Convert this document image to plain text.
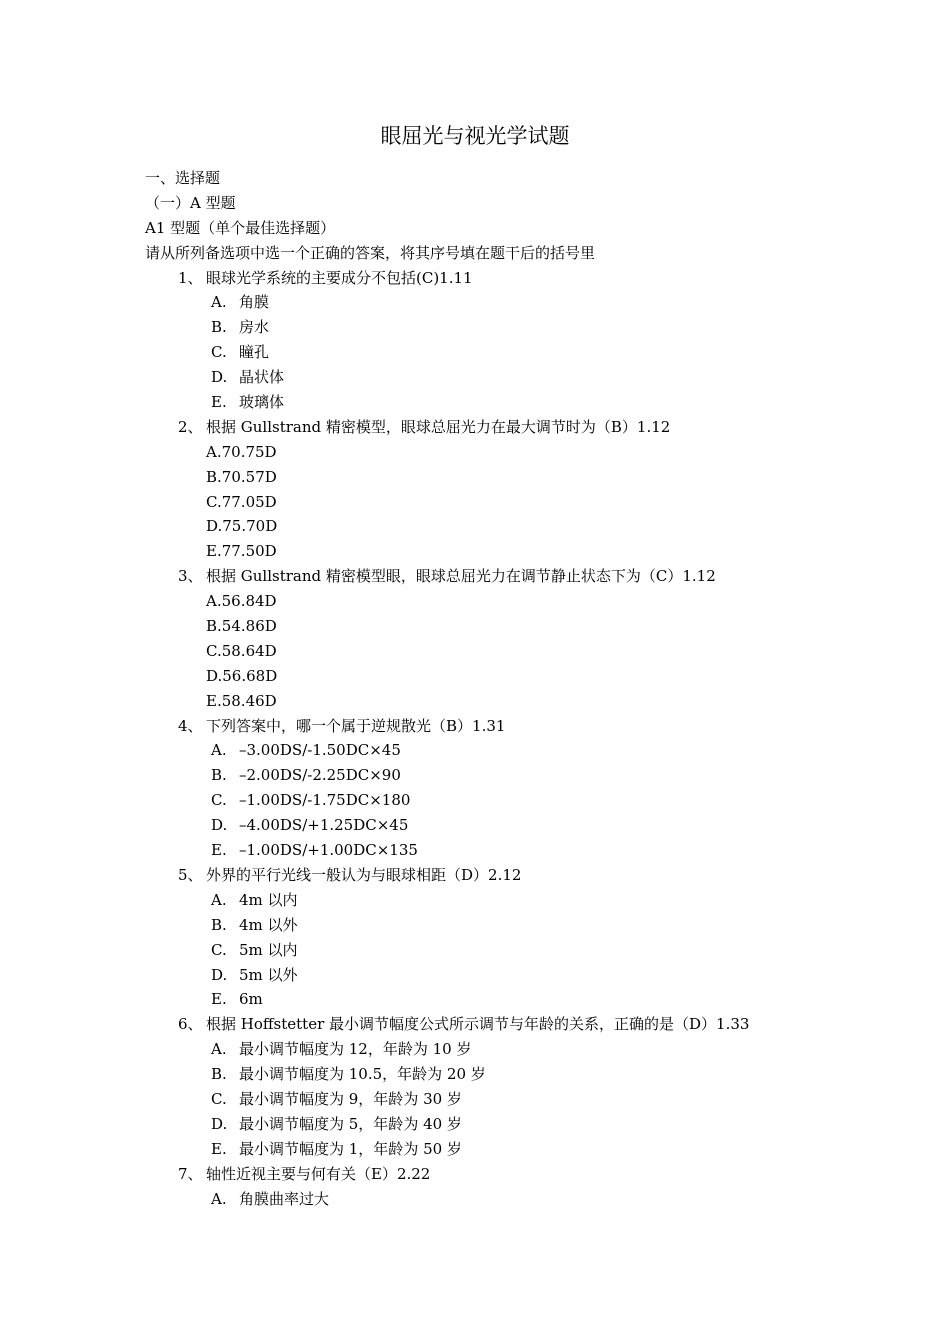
眼屈光与视光学试题
一、选择题
（一）A 型题
A1 型题（单个最佳选择题）
请从所列备选项中选一个正确的答案，将其序号填在题干后的括号里
1、 眼球光学系统的主要成分不包括(C)1.11
A. 角膜
B. 房水
C. 瞳孔
D. 晶状体
E. 玻璃体
2、 根据 Gullstrand 精密模型，眼球总屈光力在最大调节时为（B）1.12
A.70.75D
B.70.57D
C.77.05D
D.75.70D
E.77.50D
3、 根据 Gullstrand 精密模型眼，眼球总屈光力在调节静止状态下为（C）1.12
A.56.84D
B.54.86D
C.58.64D
D.56.68D
E.58.46D
4、 下列答案中，哪一个属于逆规散光（B）1.31
A. –3.00DS/-1.50DC×45
B. –2.00DS/-2.25DC×90
C. –1.00DS/-1.75DC×180
D. –4.00DS/+1.25DC×45
E. –1.00DS/+1.00DC×135
5、 外界的平行光线一般认为与眼球相距（D）2.12
A. 4m 以内
B. 4m 以外
C. 5m 以内
D. 5m 以外
E. 6m
6、 根据 Hoffstetter 最小调节幅度公式所示调节与年龄的关系，正确的是（D）1.33
A. 最小调节幅度为 12，年龄为 10 岁
B. 最小调节幅度为 10.5，年龄为 20 岁
C. 最小调节幅度为 9，年龄为 30 岁
D. 最小调节幅度为 5，年龄为 40 岁
E. 最小调节幅度为 1，年龄为 50 岁
7、 轴性近视主要与何有关（E）2.22
A. 角膜曲率过大
